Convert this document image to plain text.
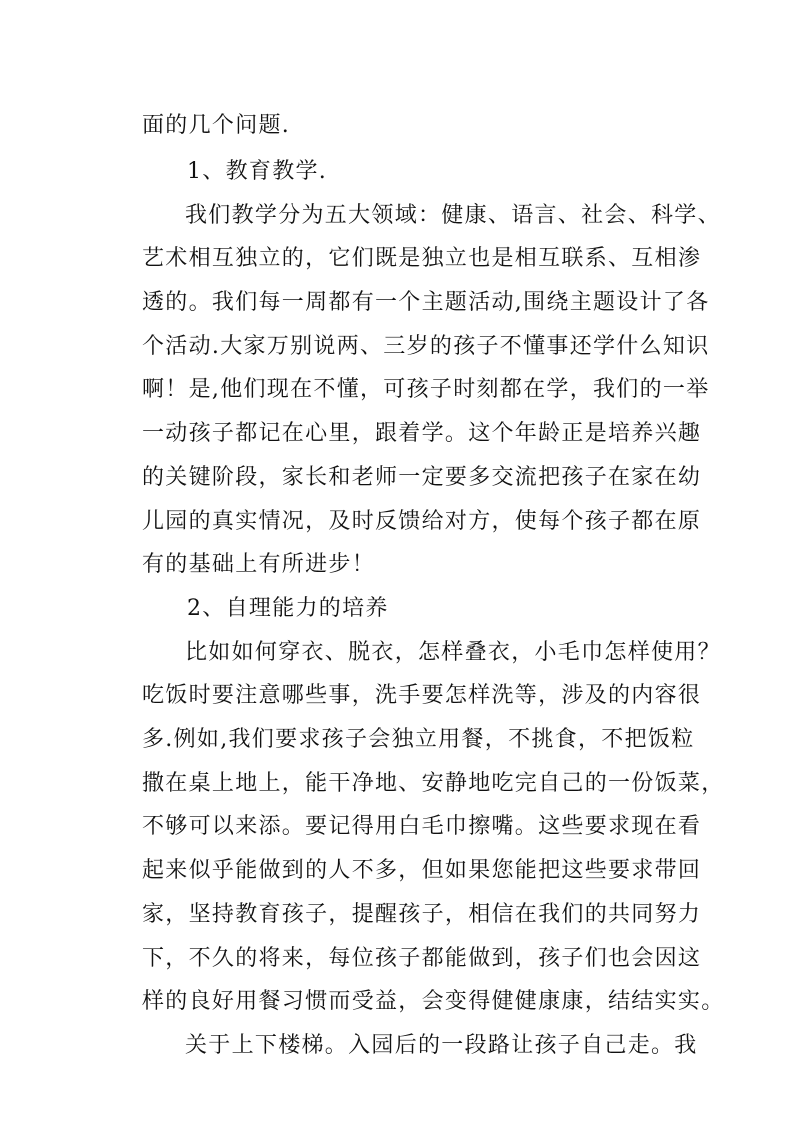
面的几个问题.
1、教育教学.
我们教学分为五大领域：健康、语言、社会、科学、
艺术相互独立的，它们既是独立也是相互联系、互相渗
透的。我们每一周都有一个主题活动,围绕主题设计了各
个活动.大家万别说两、三岁的孩子不懂事还学什么知识
啊！是,他们现在不懂，可孩子时刻都在学，我们的一举
一动孩子都记在心里，跟着学。这个年龄正是培养兴趣
的关键阶段，家长和老师一定要多交流把孩子在家在幼
儿园的真实情况，及时反馈给对方，使每个孩子都在原
有的基础上有所进步！
2、自理能力的培养
比如如何穿衣、脱衣，怎样叠衣，小毛巾怎样使用？
吃饭时要注意哪些事，洗手要怎样洗等，涉及的内容很
多.例如,我们要求孩子会独立用餐，不挑食，不把饭粒
撒在桌上地上，能干净地、安静地吃完自己的一份饭菜，
不够可以来添。要记得用白毛巾擦嘴。这些要求现在看
起来似乎能做到的人不多，但如果您能把这些要求带回
家，坚持教育孩子，提醒孩子，相信在我们的共同努力
下，不久的将来，每位孩子都能做到，孩子们也会因这
样的良好用餐习惯而受益，会变得健健康康，结结实实。
关于上下楼梯。入园后的一段路让孩子自己走。我
